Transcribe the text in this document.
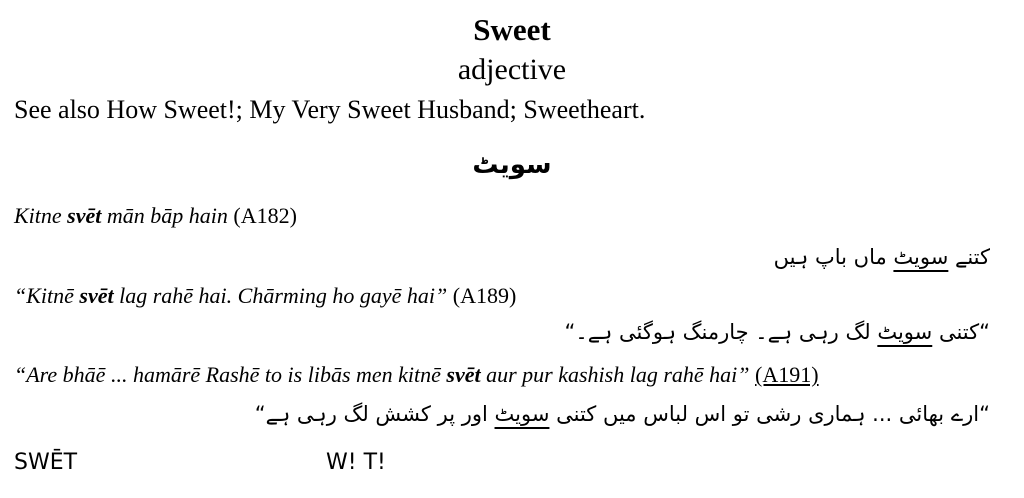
Sweet
adjective
See also How Sweet!; My Very Sweet Husband; Sweetheart.
سویٹ
Kitne svēt mān bāp hain (A182)
کتنے سویٹ ماں باپ ہیں
“Kitnē svēt lag rahē hai. Chārming ho gayē hai” (A189)
“کتنی سویٹ لگ رہی ہے۔ چارمنگ ہوگئی ہے۔“
“Are bhāē ... hamārē Rashē to is libās men kitnē svēt aur pur kashish lag rahē hai” (A191)
“ارے بھائی ... ہماری رشی تو اس لباس میں کتنی سویٹ اور پر کشش لگ رہی ہے“
SWĒT	W! T!
